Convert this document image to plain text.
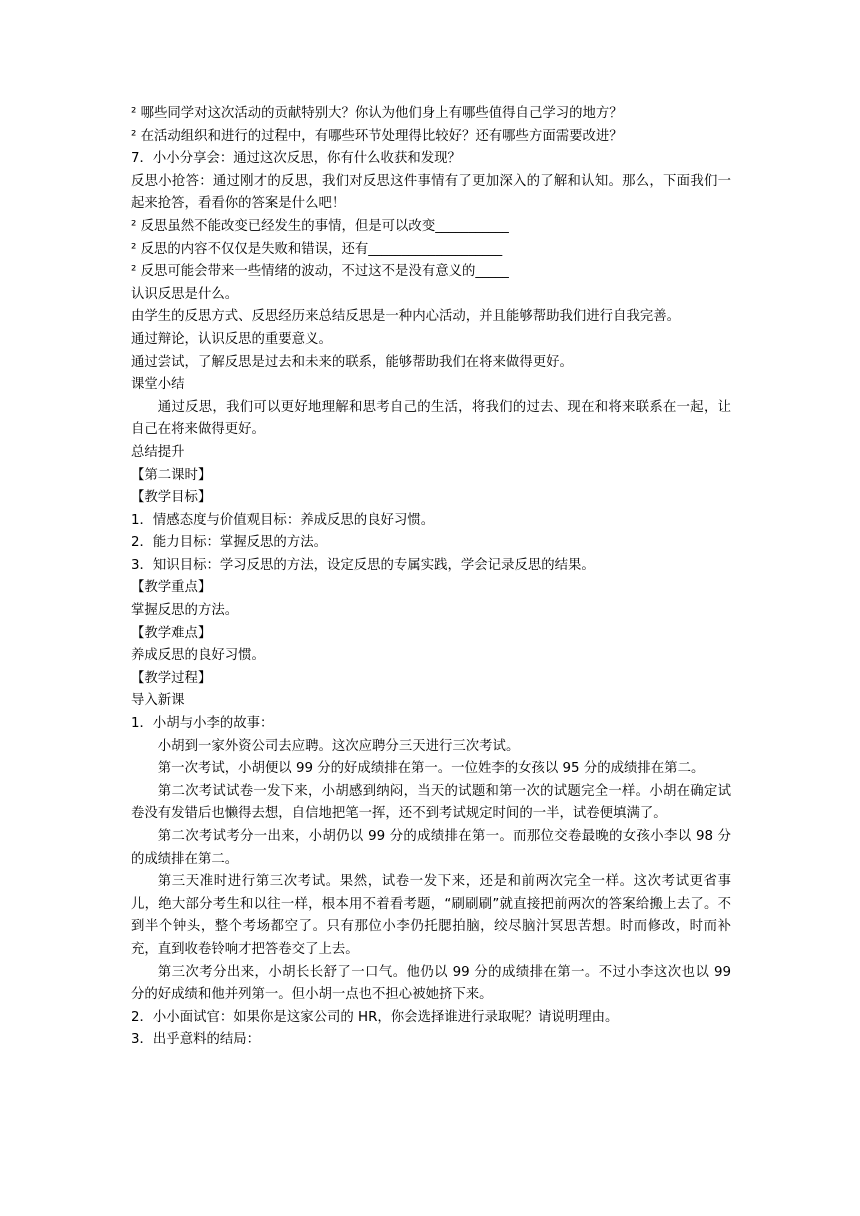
² 哪些同学对这次活动的贡献特别大？你认为他们身上有哪些值得自己学习的地方？
² 在活动组织和进行的过程中，有哪些环节处理得比较好？还有哪些方面需要改进？
7．小小分享会：通过这次反思，你有什么收获和发现？
反思小抢答：通过刚才的反思，我们对反思这件事情有了更加深入的了解和认知。那么，下面我们一起来抢答，看看你的答案是什么吧！
² 反思虽然不能改变已经发生的事情，但是可以改变___________
² 反思的内容不仅仅是失败和错误，还有____________________
² 反思可能会带来一些情绪的波动，不过这不是没有意义的_____
认识反思是什么。
由学生的反思方式、反思经历来总结反思是一种内心活动，并且能够帮助我们进行自我完善。
通过辩论，认识反思的重要意义。
通过尝试，了解反思是过去和未来的联系，能够帮助我们在将来做得更好。
课堂小结
通过反思，我们可以更好地理解和思考自己的生活，将我们的过去、现在和将来联系在一起，让自己在将来做得更好。
总结提升
【第二课时】
【教学目标】
1．情感态度与价值观目标：养成反思的良好习惯。
2．能力目标：掌握反思的方法。
3．知识目标：学习反思的方法，设定反思的专属实践，学会记录反思的结果。
【教学重点】
掌握反思的方法。
【教学难点】
养成反思的良好习惯。
【教学过程】
导入新课
1．小胡与小李的故事：
小胡到一家外资公司去应聘。这次应聘分三天进行三次考试。
第一次考试，小胡便以 99 分的好成绩排在第一。一位姓李的女孩以 95 分的成绩排在第二。
第二次考试试卷一发下来，小胡感到纳闷，当天的试题和第一次的试题完全一样。小胡在确定试卷没有发错后也懒得去想，自信地把笔一挥，还不到考试规定时间的一半，试卷便填满了。
第二次考试考分一出来，小胡仍以 99 分的成绩排在第一。而那位交卷最晚的女孩小李以 98 分的成绩排在第二。
第三天准时进行第三次考试。果然，试卷一发下来，还是和前两次完全一样。这次考试更省事儿，绝大部分考生和以往一样，根本用不着看考题，“刷刷刷”就直接把前两次的答案给搬上去了。不到半个钟头，整个考场都空了。只有那位小李仍托腮拍脑，绞尽脑汁冥思苦想。时而修改，时而补充，直到收卷铃响才把答卷交了上去。
第三次考分出来，小胡长长舒了一口气。他仍以 99 分的成绩排在第一。不过小李这次也以 99 分的好成绩和他并列第一。但小胡一点也不担心被她挤下来。
2．小小面试官：如果你是这家公司的 HR，你会选择谁进行录取呢？请说明理由。
3．出乎意料的结局：
